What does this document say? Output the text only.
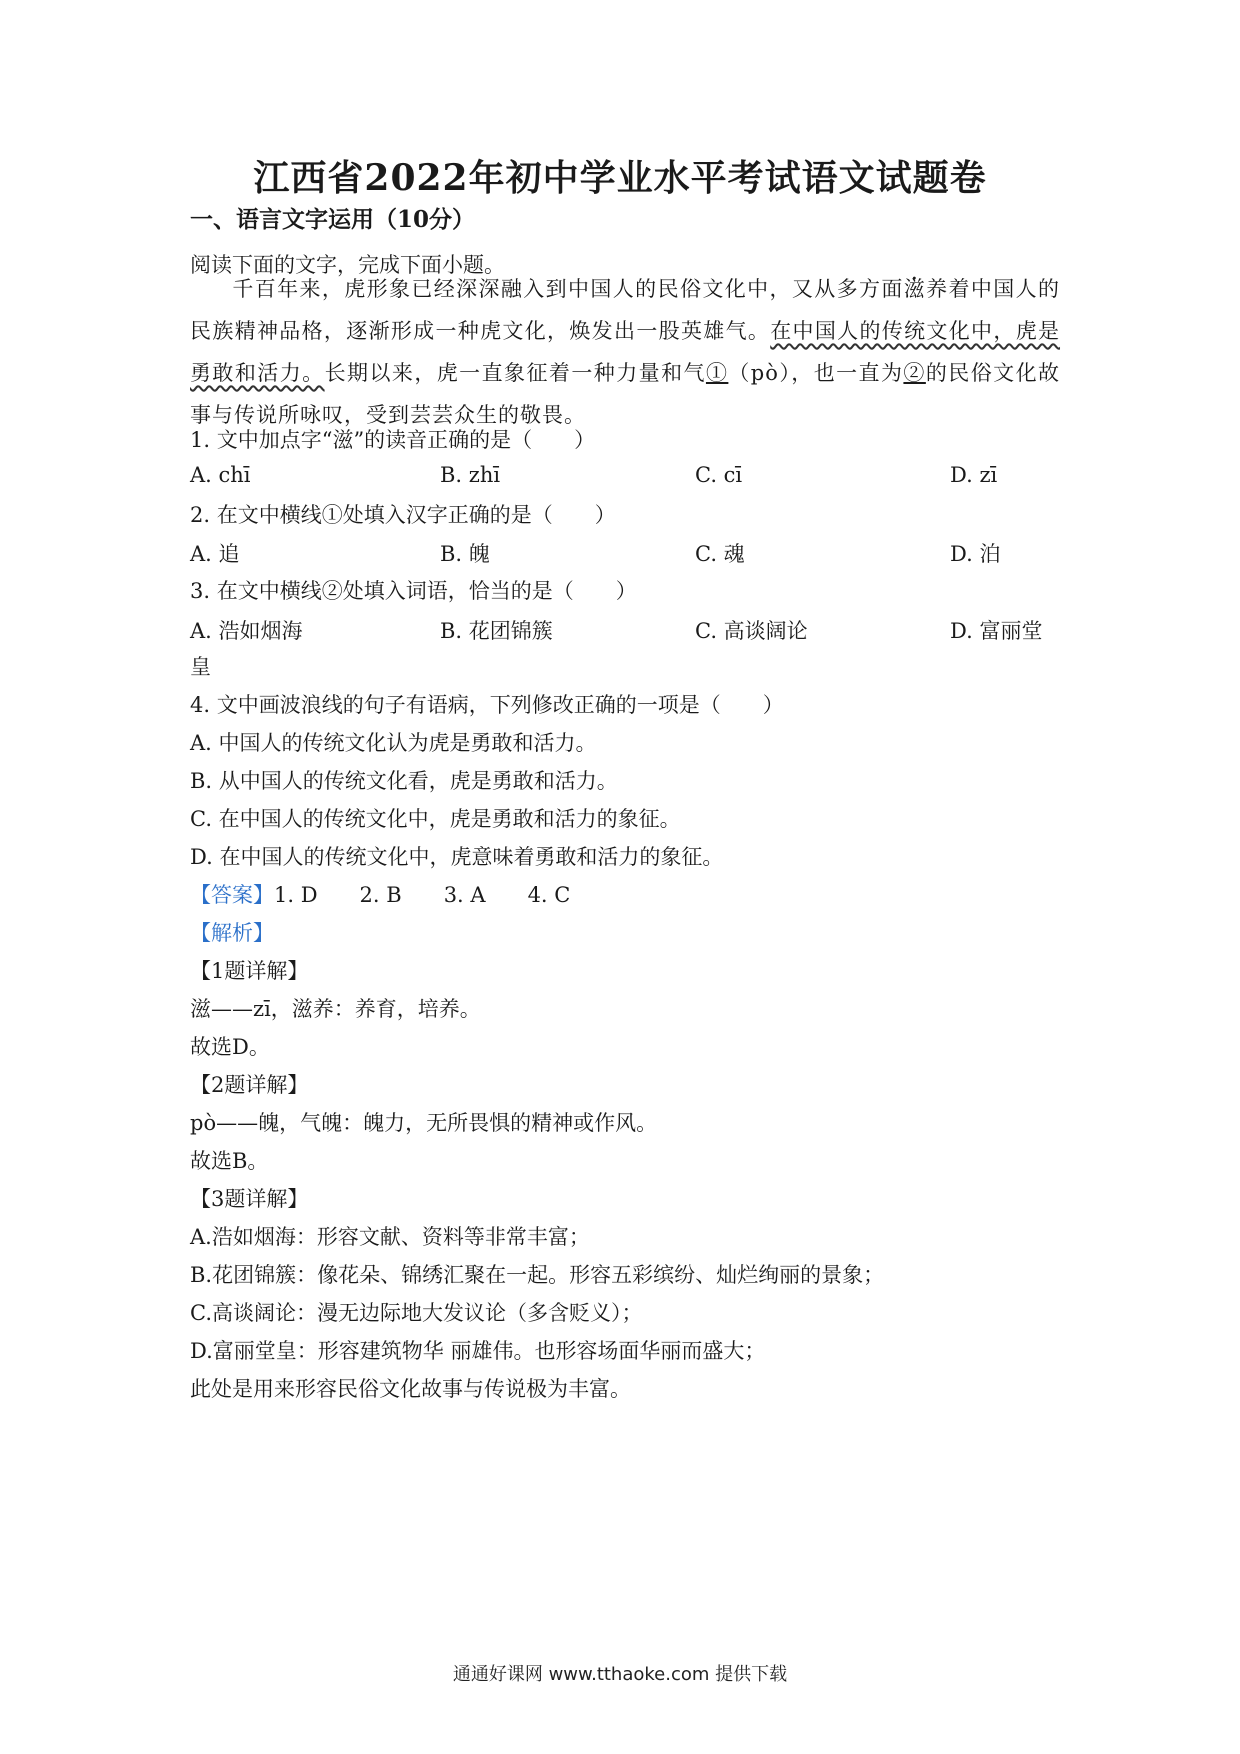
江西省2022年初中学业水平考试语文试题卷
一、语言文字运用（10分）
阅读下面的文字，完成下面小题。
千百年来，虎形象已经深深融入到中国人的民俗文化中，又从多方面滋养着中国人的民族精神品格，逐渐形成一种虎文化，焕发出一股英雄气。在中国人的传统文化中，虎是勇敢和活力。长期以来，虎一直象征着一种力量和气①（pò），也一直为②的民俗文化故事与传说所咏叹，受到芸芸众生的敬畏。
1. 文中加点字“滋”的读音正确的是（　　）
A. chī	B. zhī	C. cī	D. zī
2. 在文中横线①处填入汉字正确的是（　　）
A. 追	B. 魄	C. 魂	D. 泊
3. 在文中横线②处填入词语，恰当的是（　　）
A. 浩如烟海	B. 花团锦簇	C. 高谈阔论	D. 富丽堂
皇
4. 文中画波浪线的句子有语病，下列修改正确的一项是（　　）
A. 中国人的传统文化认为虎是勇敢和活力。
B. 从中国人的传统文化看，虎是勇敢和活力。
C. 在中国人的传统文化中，虎是勇敢和活力的象征。
D. 在中国人的传统文化中，虎意味着勇敢和活力的象征。
【答案】1. D　　2. B　　3. A　　4. C
【解析】
【1题详解】
滋——zī，滋养：养育，培养。
故选D。
【2题详解】
pò——魄，气魄：魄力，无所畏惧的精神或作风。
故选B。
【3题详解】
A.浩如烟海：形容文献、资料等非常丰富；
B.花团锦簇：像花朵、锦绣汇聚在一起。形容五彩缤纷、灿烂绚丽的景象；
C.高谈阔论：漫无边际地大发议论（多含贬义）；
D.富丽堂皇：形容建筑物华 丽雄伟。也形容场面华丽而盛大；
此处是用来形容民俗文化故事与传说极为丰富。
通通好课网 www.tthaoke.com 提供下载
